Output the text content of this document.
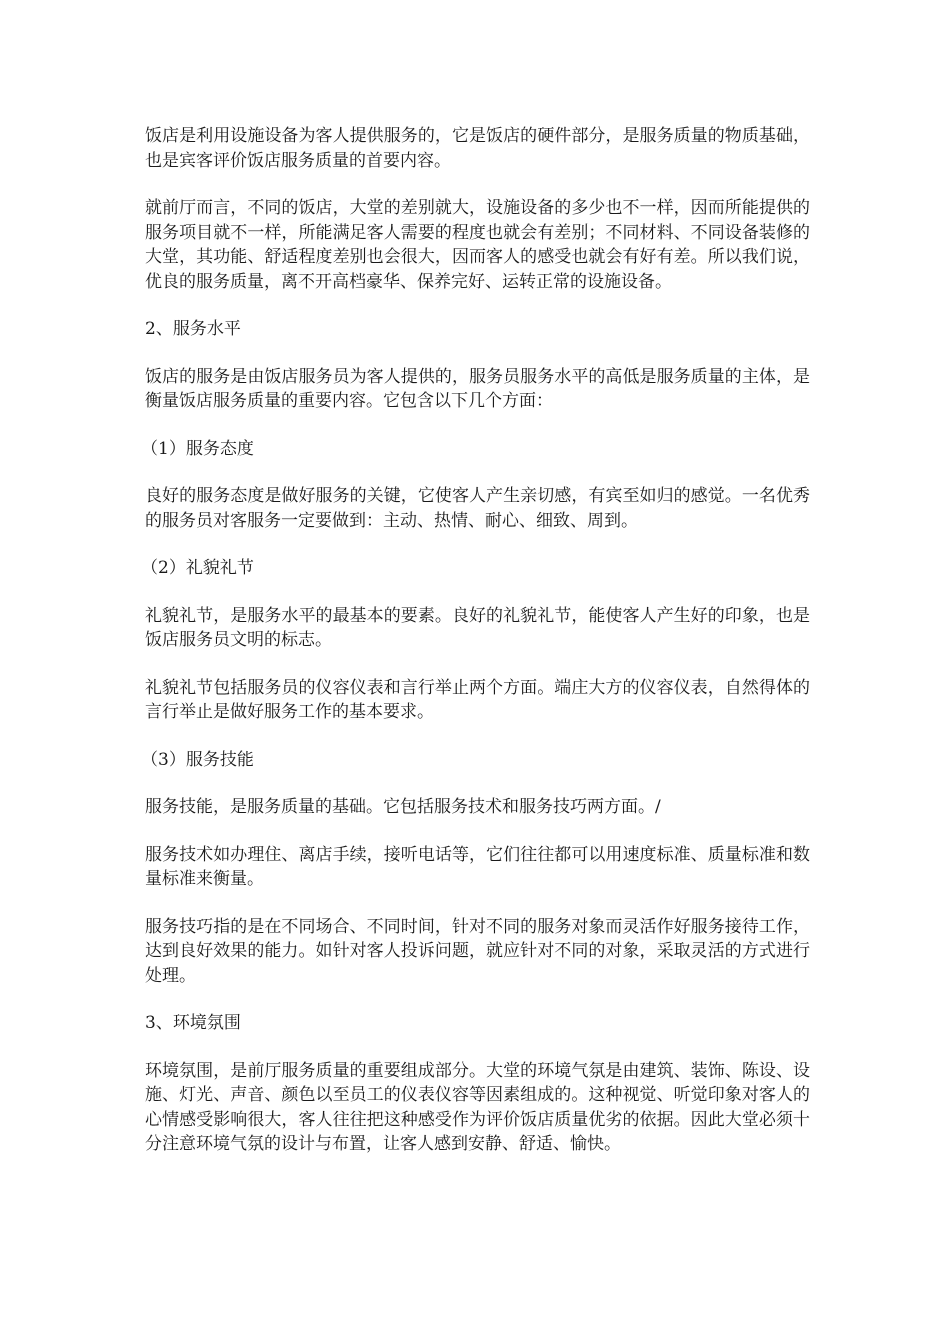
饭店是利用设施设备为客人提供服务的，它是饭店的硬件部分，是服务质量的物质基础，也是宾客评价饭店服务质量的首要内容。

就前厅而言，不同的饭店，大堂的差别就大，设施设备的多少也不一样，因而所能提供的服务项目就不一样，所能满足客人需要的程度也就会有差别；不同材料、不同设备装修的大堂，其功能、舒适程度差别也会很大，因而客人的感受也就会有好有差。所以我们说，优良的服务质量，离不开高档豪华、保养完好、运转正常的设施设备。

2、服务水平

饭店的服务是由饭店服务员为客人提供的，服务员服务水平的高低是服务质量的主体，是衡量饭店服务质量的重要内容。它包含以下几个方面：

（1）服务态度

良好的服务态度是做好服务的关键，它使客人产生亲切感，有宾至如归的感觉。一名优秀的服务员对客服务一定要做到：主动、热情、耐心、细致、周到。

（2）礼貌礼节

礼貌礼节，是服务水平的最基本的要素。良好的礼貌礼节，能使客人产生好的印象，也是饭店服务员文明的标志。

礼貌礼节包括服务员的仪容仪表和言行举止两个方面。端庄大方的仪容仪表，自然得体的言行举止是做好服务工作的基本要求。

（3）服务技能

服务技能，是服务质量的基础。它包括服务技术和服务技巧两方面。/

服务技术如办理住、离店手续，接听电话等，它们往往都可以用速度标准、质量标准和数量标准来衡量。

服务技巧指的是在不同场合、不同时间，针对不同的服务对象而灵活作好服务接待工作，达到良好效果的能力。如针对客人投诉问题，就应针对不同的对象，采取灵活的方式进行处理。

3、环境氛围

环境氛围，是前厅服务质量的重要组成部分。大堂的环境气氛是由建筑、装饰、陈设、设施、灯光、声音、颜色以至员工的仪表仪容等因素组成的。这种视觉、听觉印象对客人的心情感受影响很大，客人往往把这种感受作为评价饭店质量优劣的依据。因此大堂必须十分注意环境气氛的设计与布置，让客人感到安静、舒适、愉快。
